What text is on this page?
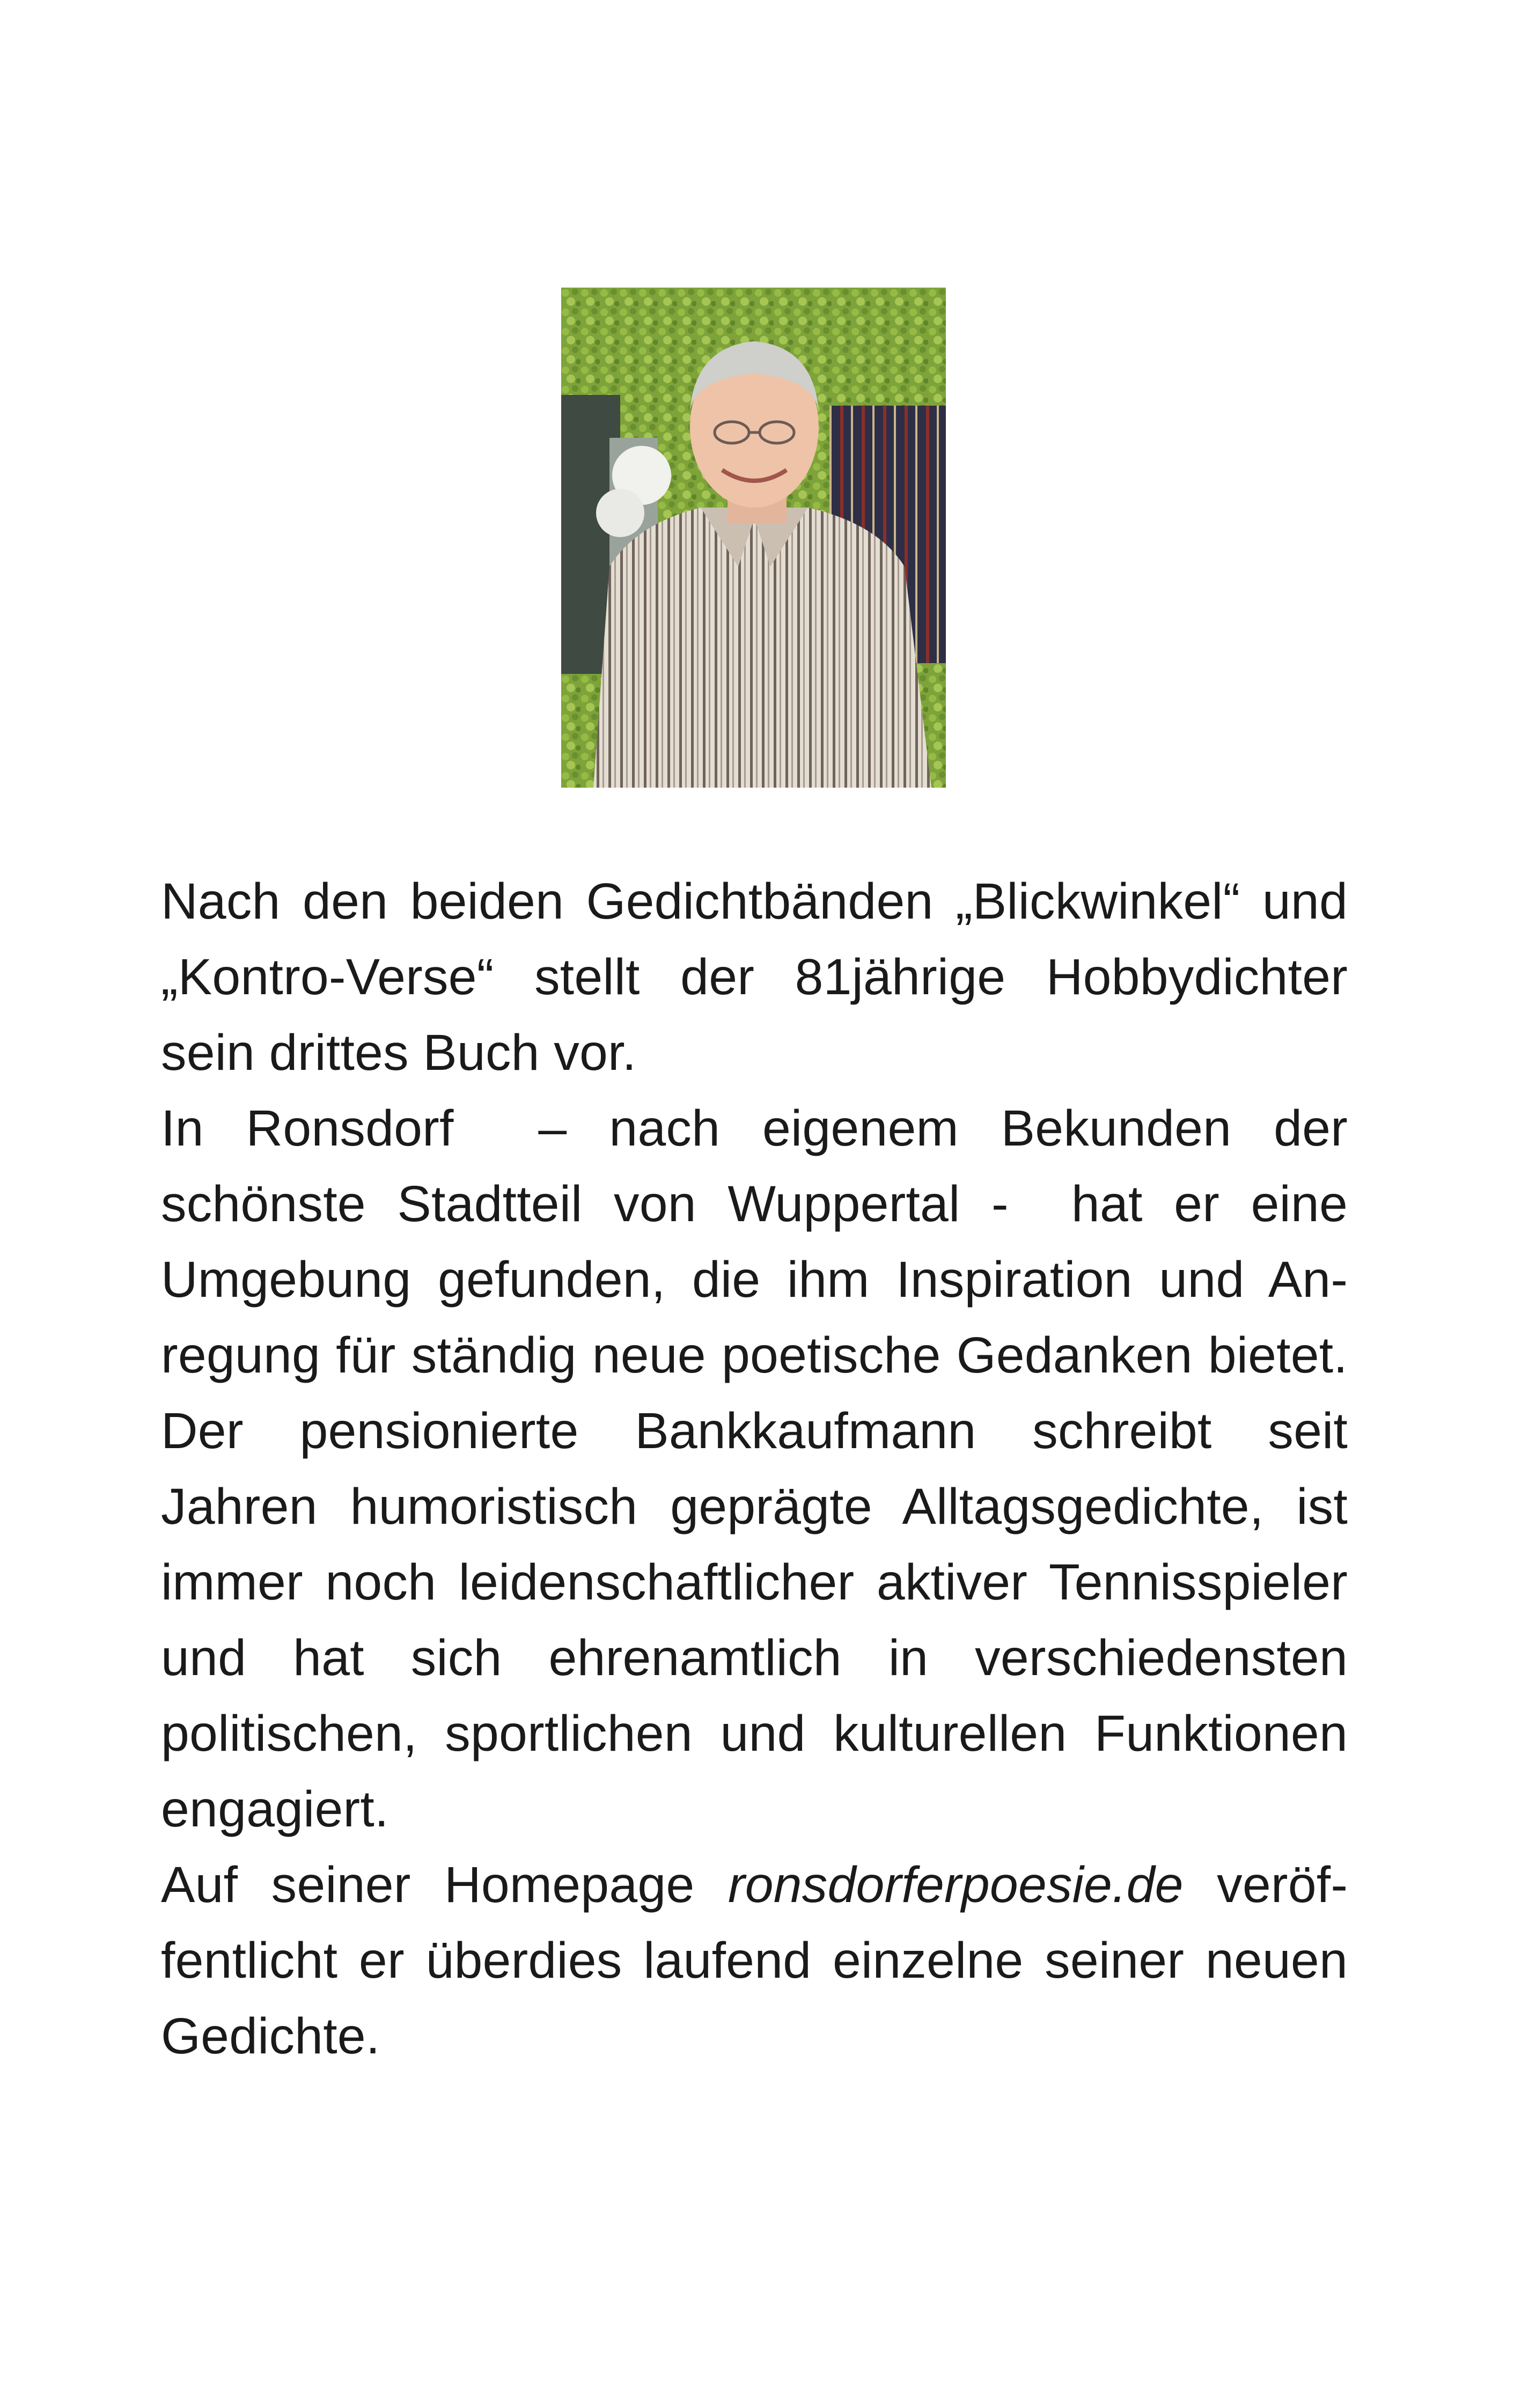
Nach den beiden Gedichtbänden „Blickwinkel“ und „Kontro-Verse“ stellt der 81jährige Hobbydichter sein drittes Buch vor.

In Ronsdorf  – nach eigenem Bekunden der schönste Stadtteil von Wuppertal -  hat er eine Umgebung gefunden, die ihm Inspiration und Anregung für ständig neue poetische Gedanken bietet. Der pensionierte Bankkaufmann schreibt seit Jahren humoristisch geprägte Alltagsgedichte, ist immer noch leidenschaftlicher aktiver Tennisspieler und hat sich ehrenamtlich in verschiedensten politischen, sportlichen und kulturellen Funktionen engagiert.

Auf seiner Homepage ronsdorferpoesie.de veröffentlicht er überdies laufend einzelne seiner neuen Gedichte.
